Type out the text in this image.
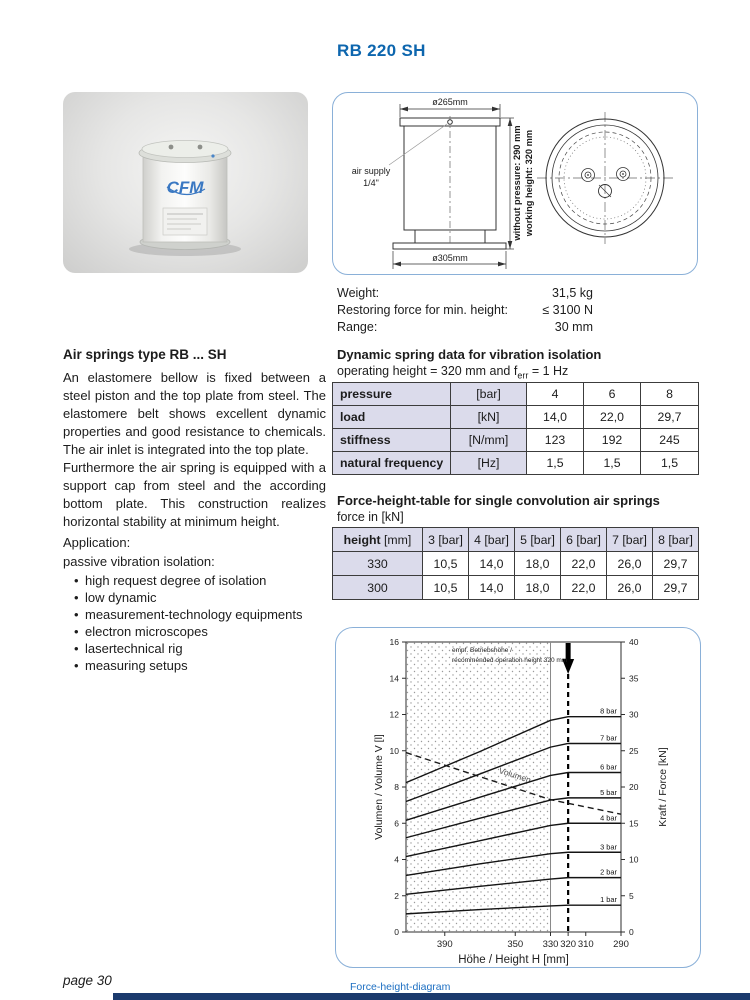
RB 220 SH
CFM
ø265mm
ø305mm
air supply
1/4"	without pressure: 290 mm working height: 320 mm
Weight:	31,5 kg
Restoring force for min. height:	≤ 3100 N
Range:	30 mm
Air springs type RB ... SH

An elastomere bellow is fixed between a steel piston and the top plate from steel. The elastomere belt shows excellent dynamic properties and good resistance to chemicals. The air inlet is integrated into the top plate.

Furthermore the air spring is equipped with a support cap from steel and the according bottom plate. This construction realizes horizontal stability at minimum height.

Application:
passive vibration isolation:
• high request degree of isolation
• low dynamic
• measurement-technology equipments
• electron microscopes
• lasertechnical rig
• measuring setups
Dynamic spring data for vibration isolation
operating height = 320 mm and $f_{err} = 1$ Hz
pressure	[bar]	4	6	8
load	[kN]	14,0	22,0	29,7
stiffness	[N/mm]	123	192	245
natural frequency	[Hz]	1,5	1,5	1,5
Force-height-table for single convolution air springs
force in [kN]
height [mm]	3 [bar]	4 [bar]	5 [bar]	6 [bar]	7 [bar]	8 [bar]
330	10,5	14,0	18,0	22,0	26,0	29,7
300	10,5	14,0	18,0	22,0	26,0	29,7
0
2
4
6
8
10
12
14
16
0
5
10
15
20
25
30
35
40
390	350 330 320 310 290
Volumen / Volume V [l]	Kraft / Force [kN]
Höhe / Height H [mm]
empf. Betriebshöhe /
recommended operation height 320 mm
Volumen
8 bar
7 bar
6 bar
5 bar
4 bar
3 bar
2 bar
1 bar
Force-height-diagram
page 30
